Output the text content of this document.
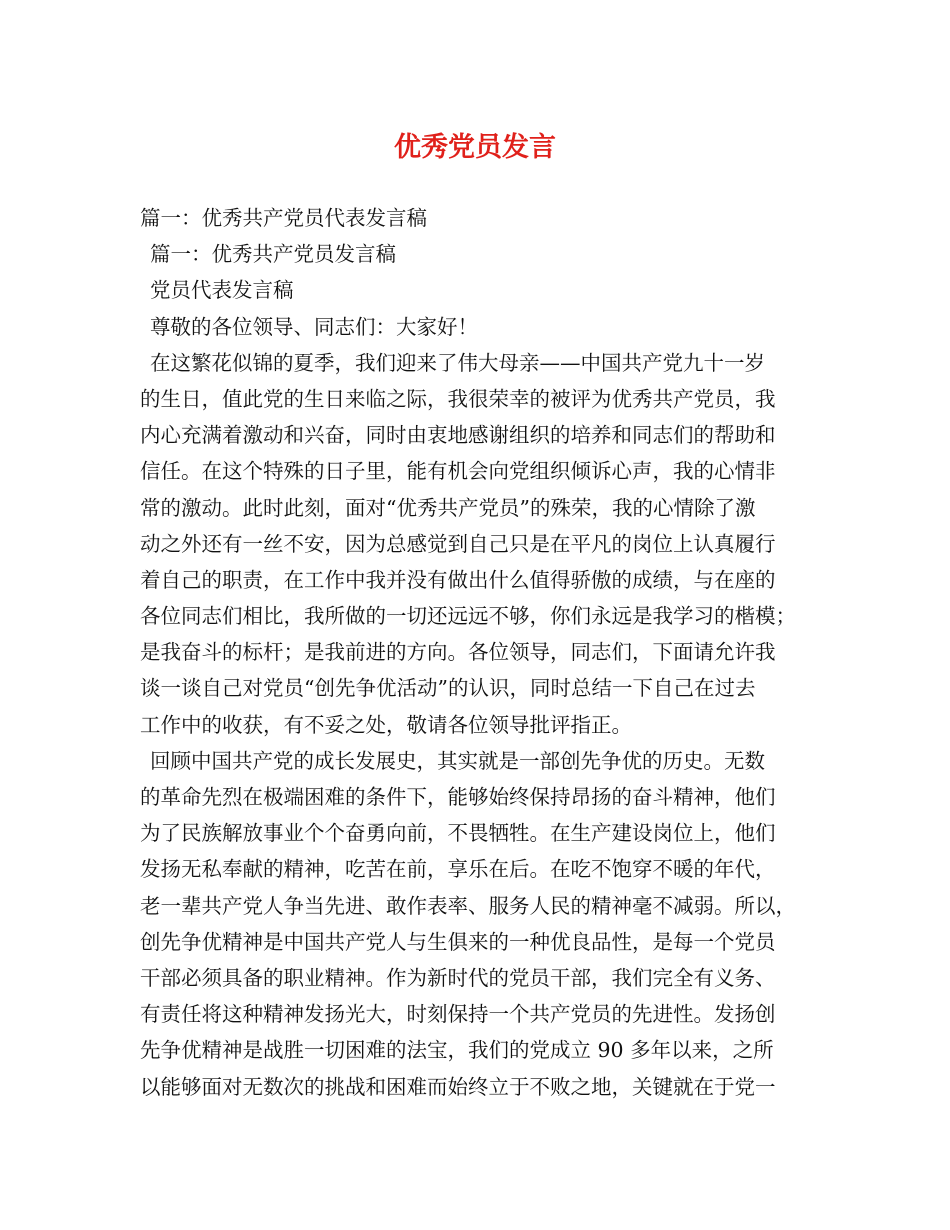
优秀党员发言
篇一：优秀共产党员代表发言稿
篇一：优秀共产党员发言稿
党员代表发言稿
尊敬的各位领导、同志们：大家好！
在这繁花似锦的夏季，我们迎来了伟大母亲——中国共产党九十一岁
的生日，值此党的生日来临之际，我很荣幸的被评为优秀共产党员，我
内心充满着激动和兴奋，同时由衷地感谢组织的培养和同志们的帮助和
信任。在这个特殊的日子里，能有机会向党组织倾诉心声，我的心情非
常的激动。此时此刻，面对“优秀共产党员”的殊荣，我的心情除了激
动之外还有一丝不安，因为总感觉到自己只是在平凡的岗位上认真履行
着自己的职责，在工作中我并没有做出什么值得骄傲的成绩，与在座的
各位同志们相比，我所做的一切还远远不够，你们永远是我学习的楷模；
是我奋斗的标杆；是我前进的方向。各位领导，同志们，下面请允许我
谈一谈自己对党员“创先争优活动”的认识，同时总结一下自己在过去
工作中的收获，有不妥之处，敬请各位领导批评指正。
回顾中国共产党的成长发展史，其实就是一部创先争优的历史。无数
的革命先烈在极端困难的条件下，能够始终保持昂扬的奋斗精神，他们
为了民族解放事业个个奋勇向前，不畏牺牲。在生产建设岗位上，他们
发扬无私奉献的精神，吃苦在前，享乐在后。在吃不饱穿不暖的年代，
老一辈共产党人争当先进、敢作表率、服务人民的精神毫不减弱。所以，
创先争优精神是中国共产党人与生俱来的一种优良品性，是每一个党员
干部必须具备的职业精神。作为新时代的党员干部，我们完全有义务、
有责任将这种精神发扬光大，时刻保持一个共产党员的先进性。发扬创
先争优精神是战胜一切困难的法宝，我们的党成立 90 多年以来，之所
以能够面对无数次的挑战和困难而始终立于不败之地，关键就在于党一
